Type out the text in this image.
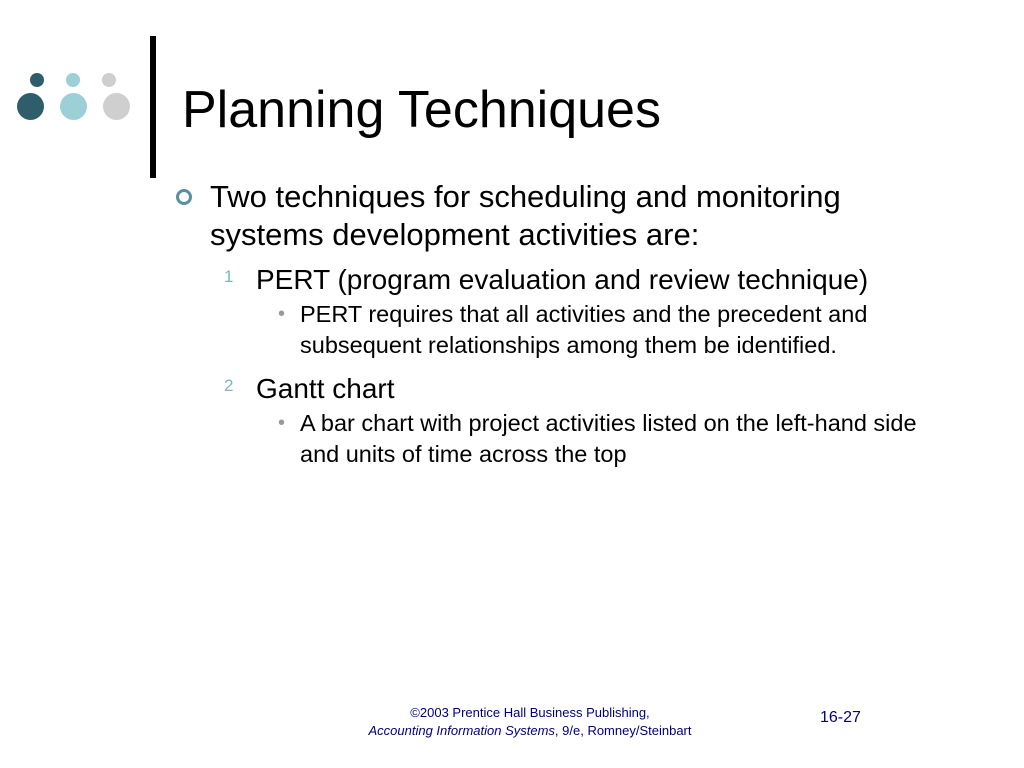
Planning Techniques

Two techniques for scheduling and monitoring systems development activities are:

1 PERT (program evaluation and review technique)

• PERT requires that all activities and the precedent and subsequent relationships among them be identified.

2 Gantt chart

• A bar chart with project activities listed on the left-hand side and units of time across the top

©2003 Prentice Hall Business Publishing,
Accounting Information Systems, 9/e, Romney/Steinbart
16-27
